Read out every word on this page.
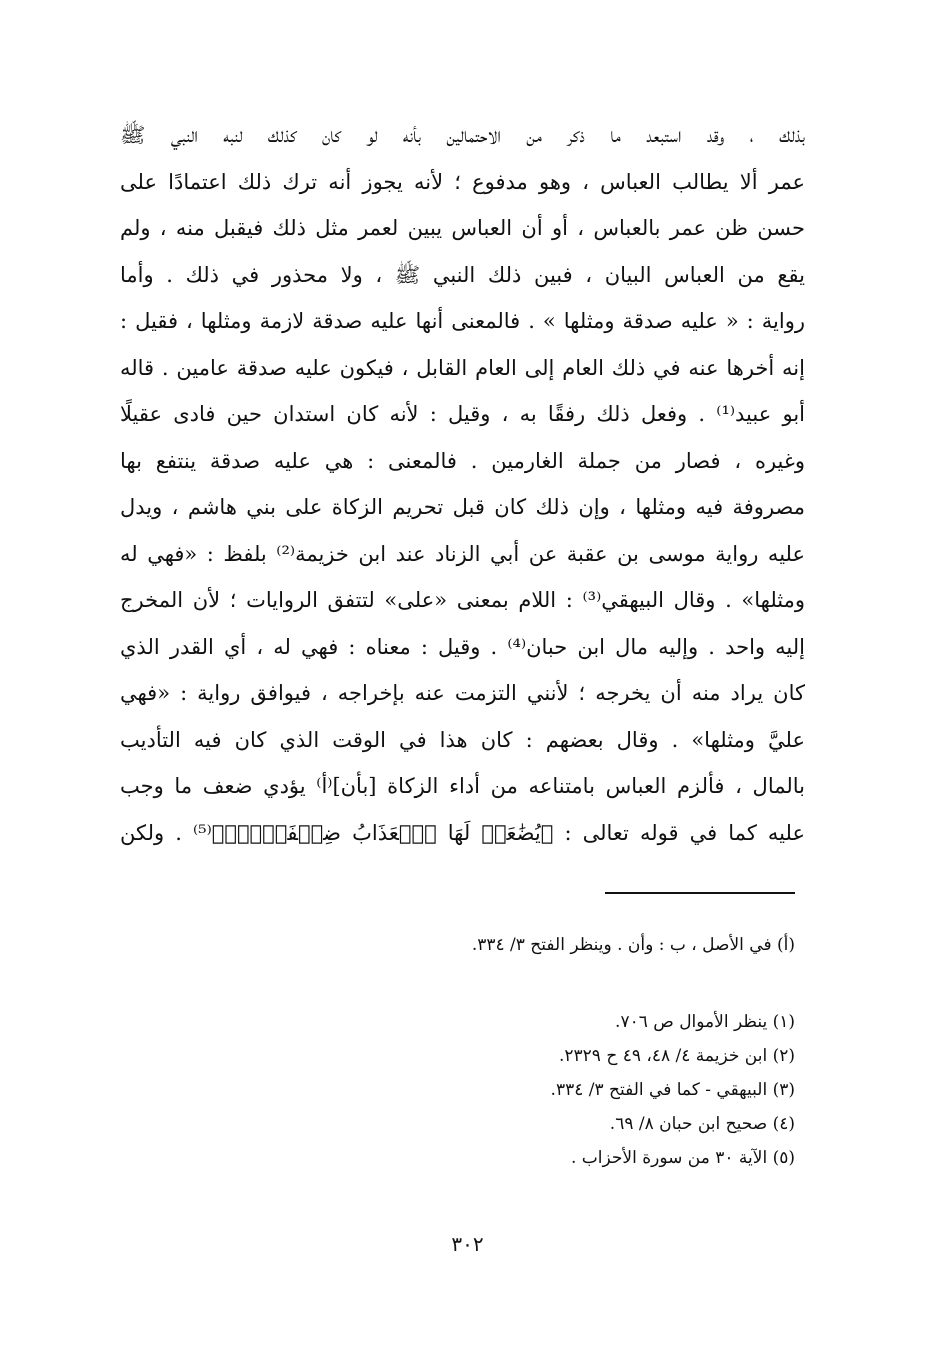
بذلك ، وقد استبعد ما ذكر من الاحتمالين بأنه لو كان كذلك لنبه النبي ﷺ
عمر ألا يطالب العباس ، وهو مدفوع ؛ لأنه يجوز أنه ترك ذلك اعتمادًا على
حسن ظن عمر بالعباس ، أو أن العباس يبين لعمر مثل ذلك فيقبل منه ، ولم
يقع من العباس البيان ، فبين ذلك النبي ﷺ ، ولا محذور في ذلك . وأما
رواية : « عليه صدقة ومثلها » . فالمعنى أنها عليه صدقة لازمة ومثلها ، فقيل :
إنه أخرها عنه في ذلك العام إلى العام القابل ، فيكون عليه صدقة عامين . قاله
أبو عبيد⁽¹⁾ . وفعل ذلك رفقًا به ، وقيل : لأنه كان استدان حين فادى عقيلًا
وغيره ، فصار من جملة الغارمين . فالمعنى : هي عليه صدقة ينتفع بها
مصروفة فيه ومثلها ، وإن ذلك كان قبل تحريم الزكاة على بني هاشم ، ويدل
عليه رواية موسى بن عقبة عن أبي الزناد عند ابن خزيمة⁽²⁾ بلفظ : «فهي له
ومثلها» . وقال البيهقي⁽³⁾ : اللام بمعنى «على» لتتفق الروايات ؛ لأن المخرج
إليه واحد . وإليه مال ابن حبان⁽⁴⁾ . وقيل : معناه : فهي له ، أي القدر الذي
كان يراد منه أن يخرجه ؛ لأنني التزمت عنه بإخراجه ، فيوافق رواية : «فهي
عليَّ ومثلها» . وقال بعضهم : كان هذا في الوقت الذي كان فيه التأديب
بالمال ، فألزم العباس بامتناعه من أداء الزكاة [بأن]⁽أ⁾ يؤدي ضعف ما وجب
عليه كما في قوله تعالى : ﴿يُضَٰعَفۡ لَهَا ٱلۡعَذَابُ ضِعۡفَيۡنِۚ﴾⁽⁵⁾ . ولكن
(أ) في الأصل ، ب : وأن . وينظر الفتح ٣/ ٣٣٤.
(١) ينظر الأموال ص ٧٠٦.
(٢) ابن خزيمة ٤/ ٤٨، ٤٩ ح ٢٣٢٩.
(٣) البيهقي - كما في الفتح ٣/ ٣٣٤.
(٤) صحيح ابن حبان ٨/ ٦٩.
(٥) الآية ٣٠ من سورة الأحزاب .
٣٠٢
